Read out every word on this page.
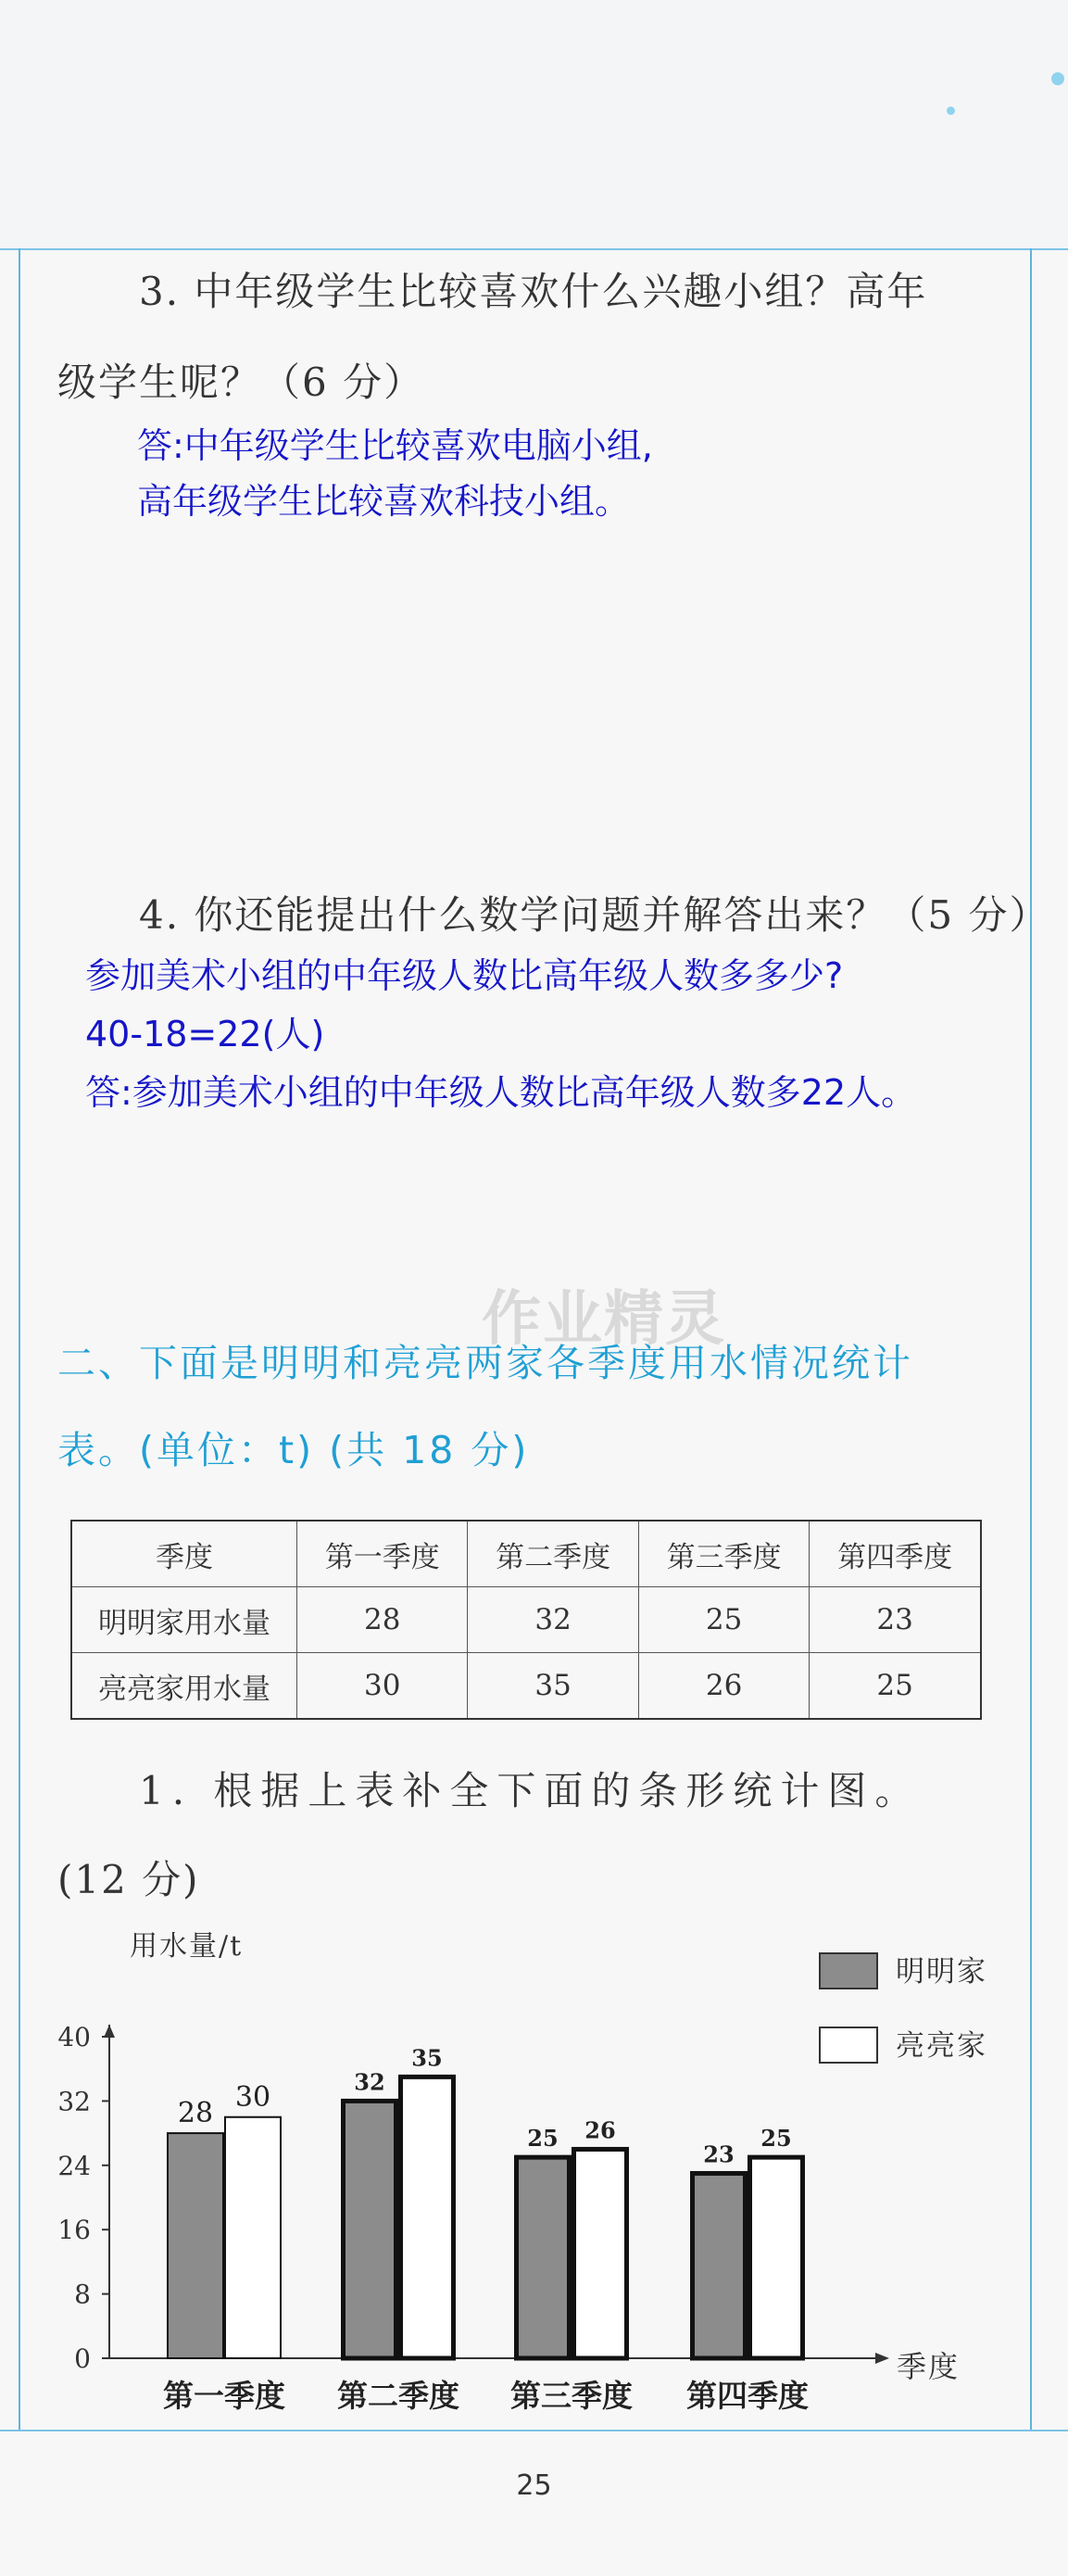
3. 中年级学生比较喜欢什么兴趣小组？高年
级学生呢？（6 分）
答:中年级学生比较喜欢电脑小组,
高年级学生比较喜欢科技小组。
4. 你还能提出什么数学问题并解答出来？（5 分）
参加美术小组的中年级人数比高年级人数多多少?
40-18=22(人)
答:参加美术小组的中年级人数比高年级人数多22人。
作业精灵
二、下面是明明和亮亮两家各季度用水情况统计
表。(单位：t) (共 18 分)
季度	第一季度	第二季度	第三季度	第四季度
明明家用水量	28	32	25	23
亮亮家用水量	30	35	26	25
1. 根据上表补全下面的条形统计图。
(12 分)
0
8
16
24
32
40
用水量/t
季度
28 30
第一季度
32
35
第二季度
25 26
第三季度
23
25
第四季度
明明家
亮亮家
25
